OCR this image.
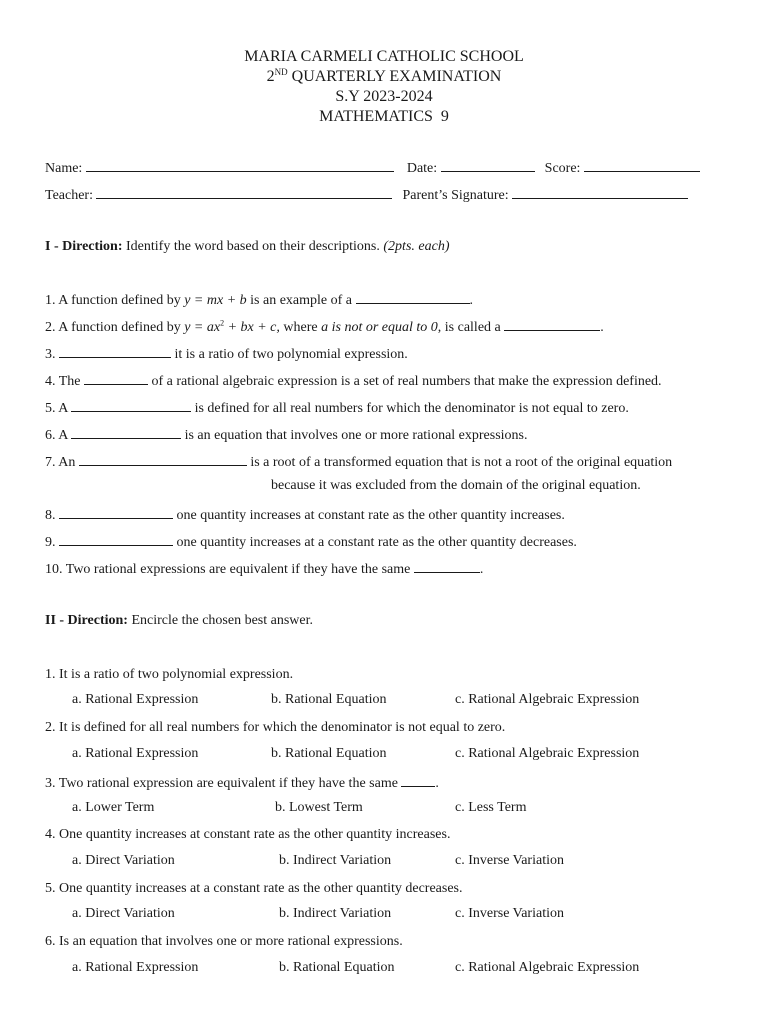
MARIA CARMELI CATHOLIC SCHOOL
2ND QUARTERLY EXAMINATION
S.Y 2023-2024
MATHEMATICS  9
Name:	Date:	Score:
Teacher:	Parent’s Signature:
I - Direction: Identify the word based on their descriptions. (2pts. each)
1. A function defined by y = mx + b is an example of a	.
2. A function defined by $y = ax^2$ + bx + c, where a is not or equal to 0, is called a	.
3.	it is a ratio of two polynomial expression.
4. The	of a rational algebraic expression is a set of real numbers that make the expression defined.
5. A	is defined for all real numbers for which the denominator is not equal to zero.
6. A	is an equation that involves one or more rational expressions.
7. An	is a root of a transformed equation that is not a root of the original equation
because it was excluded from the domain of the original equation.
8.	one quantity increases at constant rate as the other quantity increases.
9.	one quantity increases at a constant rate as the other quantity decreases.
10. Two rational expressions are equivalent if they have the same	.
II - Direction: Encircle the chosen best answer.
1. It is a ratio of two polynomial expression.
a. Rational Expression	b. Rational Equation	c. Rational Algebraic Expression
2. It is defined for all real numbers for which the denominator is not equal to zero.
a. Rational Expression	b. Rational Equation	c. Rational Algebraic Expression
3. Two rational expression are equivalent if they have the same .
a. Lower Term	b. Lowest Term	c. Less Term
4. One quantity increases at constant rate as the other quantity increases.
a. Direct Variation	b. Indirect Variation	c. Inverse Variation
5. One quantity increases at a constant rate as the other quantity decreases.
a. Direct Variation	b. Indirect Variation	c. Inverse Variation
6. Is an equation that involves one or more rational expressions.
a. Rational Expression	b. Rational Equation	c. Rational Algebraic Expression
